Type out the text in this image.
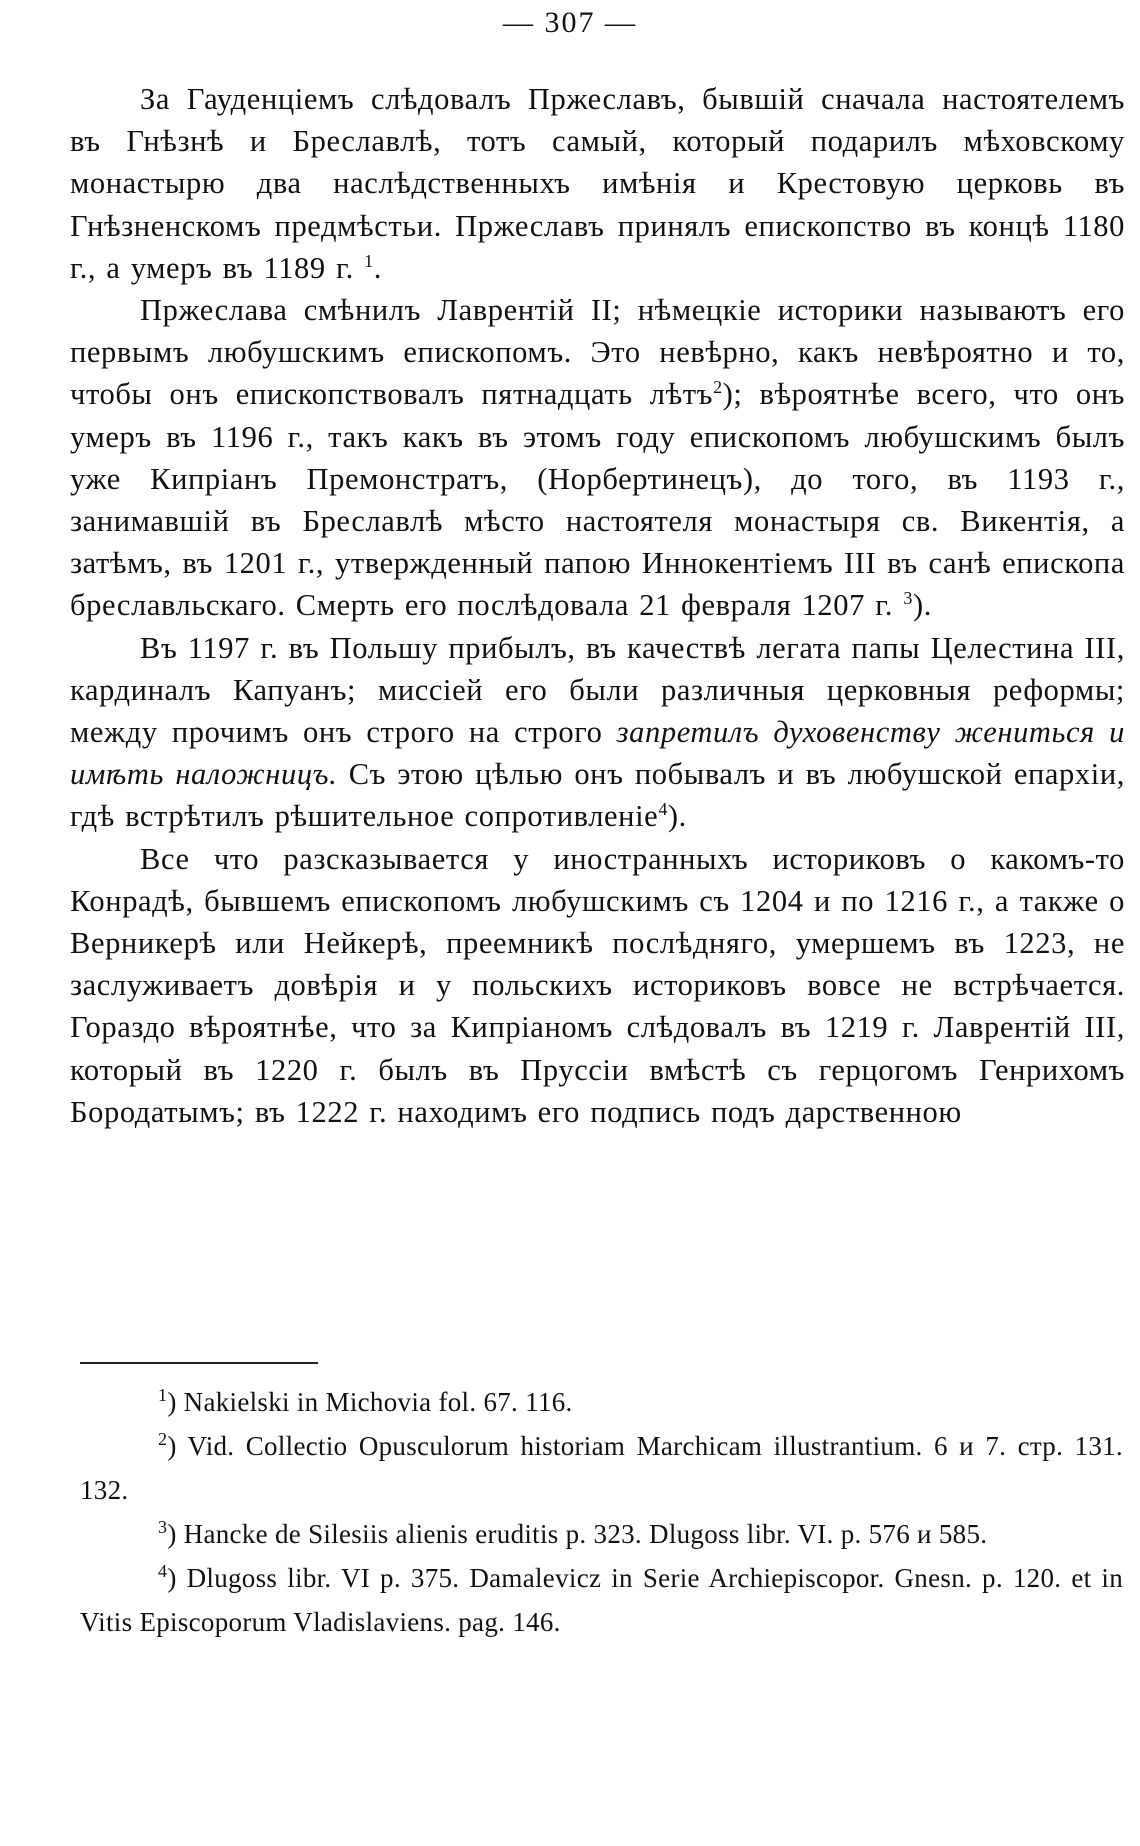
— 307 —

За Гауденціемъ слѣдовалъ Пржеславъ, бывшій сначала настоятелемъ въ Гнѣзнѣ и Бреславлѣ, тотъ самый, который подарилъ мѣховскому монастырю два наслѣдственныхъ имѣнія и Крестовую церковь въ Гнѣзненскомъ предмѣстьи. Пржеславъ принялъ епископство въ концѣ 1180 г., а умеръ въ 1189 г. $^1$.

Пржеслава смѣнилъ Лаврентій II; нѣмецкіе историки называютъ его первымъ любушскимъ епископомъ. Это невѣрно, какъ невѣроятно и то, чтобы онъ епископствовалъ пятнадцать лѣтъ$^2$); вѣроятнѣе всего, что онъ умеръ въ 1196 г., такъ какъ въ этомъ году епископомъ любушскимъ былъ уже Кипріанъ Премонстратъ, (Норбертинецъ), до того, въ 1193 г., занимавшій въ Бреславлѣ мѣсто настоятеля монастыря св. Викентія, а затѣмъ, въ 1201 г., утвержденный папою Иннокентіемъ III въ санѣ епископа бреславльскаго. Смерть его послѣдовала 21 февраля 1207 г. $^3$).

Въ 1197 г. въ Польшу прибылъ, въ качествѣ легата папы Целестина III, кардиналъ Капуанъ; миссіей его были различныя церковныя реформы; между прочимъ онъ строго на строго запретилъ духовенству жениться и имѣть наложницъ. Съ этою цѣлью онъ побывалъ и въ любушской епархіи, гдѣ встрѣтилъ рѣшительное сопротивленіе$^4$).

Все что разсказывается у иностранныхъ историковъ о какомъ-то Конрадѣ, бывшемъ епископомъ любушскимъ съ 1204 и по 1216 г., а также о Верникерѣ или Нейкерѣ, преемникѣ послѣдняго, умершемъ въ 1223, не заслуживаетъ довѣрія и у польскихъ историковъ вовсе не встрѣчается. Гораздо вѣроятнѣе, что за Кипріаномъ слѣдовалъ въ 1219 г. Лаврентій III, который въ 1220 г. былъ въ Пруссіи вмѣстѣ съ герцогомъ Генрихомъ Бородатымъ; въ 1222 г. находимъ его подпись подъ дарственною

$^1$) Nakielski in Michovia fol. 67. 116.

$^2$) Vid. Collectio Opusculorum historiam Marchicam illustrantium. 6 и 7. стр. 131. 132.

$^3$) Hancke de Silesiis alienis eruditis p. 323. Dlugoss libr. VI. p. 576 и 585.

$^4$) Dlugoss libr. VI p. 375. Damalevicz in Serie Archiepiscopor. Gnesn. p. 120. et in Vitis Episcoporum Vladislaviens. pag. 146.
